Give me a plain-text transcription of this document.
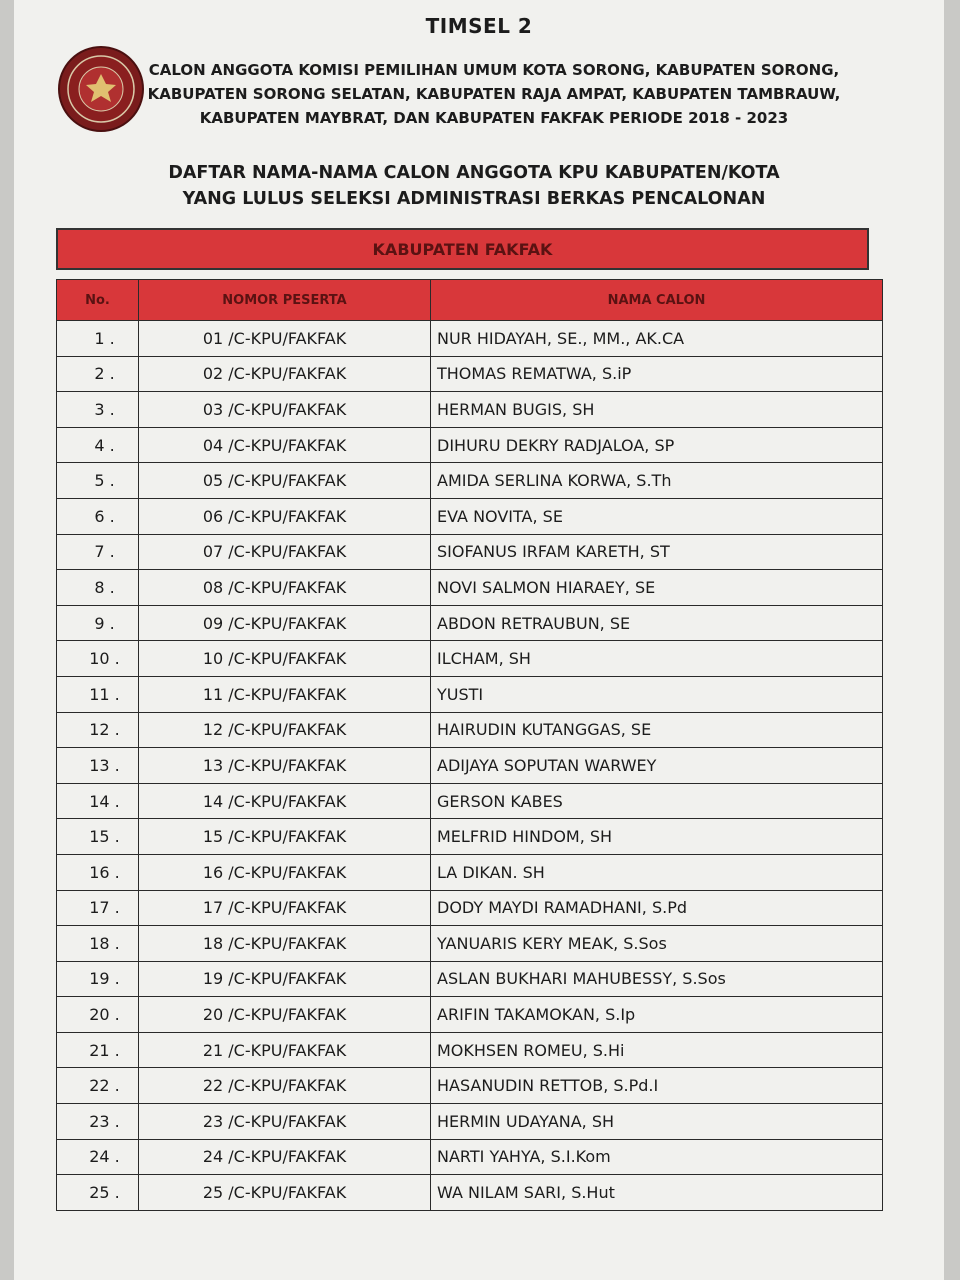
TIMSEL 2
CALON ANGGOTA KOMISI PEMILIHAN UMUM KOTA SORONG, KABUPATEN SORONG,
KABUPATEN SORONG SELATAN, KABUPATEN RAJA AMPAT, KABUPATEN TAMBRAUW,
KABUPATEN MAYBRAT, DAN KABUPATEN FAKFAK PERIODE 2018 - 2023
DAFTAR NAMA-NAMA CALON ANGGOTA KPU KABUPATEN/KOTA
YANG LULUS SELEKSI ADMINISTRASI BERKAS PENCALONAN
KABUPATEN FAKFAK
No.	NOMOR PESERTA	NAMA CALON
1 .	01 /C-KPU/FAKFAK	NUR HIDAYAH, SE., MM., AK.CA
2 .	02 /C-KPU/FAKFAK	THOMAS REMATWA, S.iP
3 .	03 /C-KPU/FAKFAK	HERMAN BUGIS, SH
4 .	04 /C-KPU/FAKFAK	DIHURU DEKRY RADJALOA, SP
5 .	05 /C-KPU/FAKFAK	AMIDA SERLINA KORWA, S.Th
6 .	06 /C-KPU/FAKFAK	EVA NOVITA, SE
7 .	07 /C-KPU/FAKFAK	SIOFANUS IRFAM KARETH, ST
8 .	08 /C-KPU/FAKFAK	NOVI SALMON HIARAEY, SE
9 .	09 /C-KPU/FAKFAK	ABDON RETRAUBUN, SE
10 .	10 /C-KPU/FAKFAK	ILCHAM, SH
11 .	11 /C-KPU/FAKFAK	YUSTI
12 .	12 /C-KPU/FAKFAK	HAIRUDIN KUTANGGAS, SE
13 .	13 /C-KPU/FAKFAK	ADIJAYA SOPUTAN WARWEY
14 .	14 /C-KPU/FAKFAK	GERSON KABES
15 .	15 /C-KPU/FAKFAK	MELFRID HINDOM, SH
16 .	16 /C-KPU/FAKFAK	LA DIKAN. SH
17 .	17 /C-KPU/FAKFAK	DODY MAYDI RAMADHANI, S.Pd
18 .	18 /C-KPU/FAKFAK	YANUARIS KERY MEAK, S.Sos
19 .	19 /C-KPU/FAKFAK	ASLAN BUKHARI MAHUBESSY, S.Sos
20 .	20 /C-KPU/FAKFAK	ARIFIN TAKAMOKAN, S.Ip
21 .	21 /C-KPU/FAKFAK	MOKHSEN ROMEU, S.Hi
22 .	22 /C-KPU/FAKFAK	HASANUDIN RETTOB, S.Pd.I
23 .	23 /C-KPU/FAKFAK	HERMIN UDAYANA, SH
24 .	24 /C-KPU/FAKFAK	NARTI YAHYA, S.I.Kom
25 .	25 /C-KPU/FAKFAK	WA NILAM SARI, S.Hut
